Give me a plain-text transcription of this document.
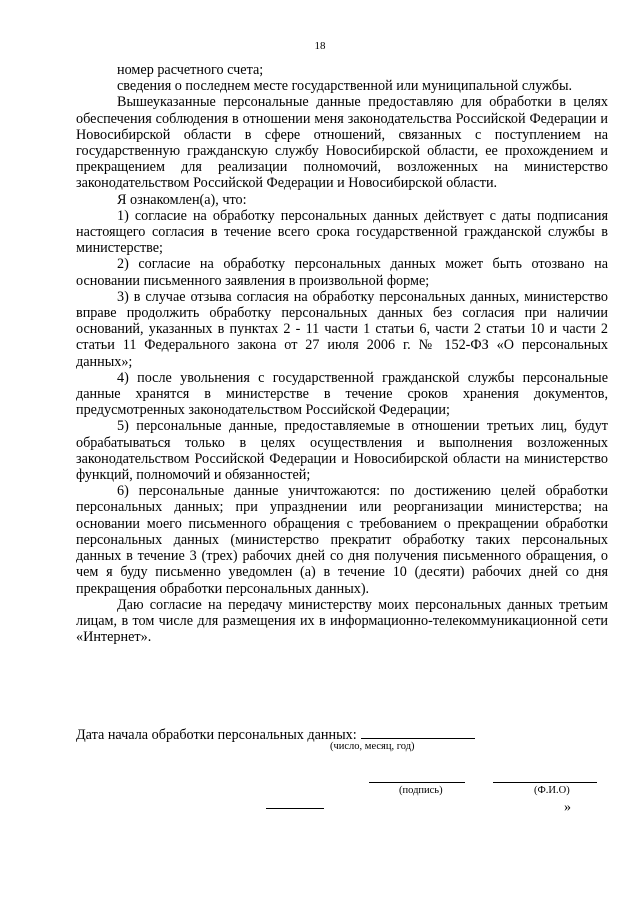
18

номер расчетного счета;

сведения о последнем месте государственной или муниципальной службы.

Вышеуказанные персональные данные предоставляю для обработки в целях обеспечения соблюдения в отношении меня законодательства Российской Федерации и Новосибирской области в сфере отношений, связанных с поступлением на государственную гражданскую службу Новосибирской области, ее прохождением и прекращением для реализации полномочий, возложенных на министерство законодательством Российской Федерации и Новосибирской области.

Я ознакомлен(а), что:

1) согласие на обработку персональных данных действует с даты подписания настоящего согласия в течение всего срока государственной гражданской службы в министерстве;

2) согласие на обработку персональных данных может быть отозвано на основании письменного заявления в произвольной форме;

3) в случае отзыва согласия на обработку персональных данных, министерство вправе продолжить обработку персональных данных без согласия при наличии оснований, указанных в пунктах 2 - 11 части 1 статьи 6, части 2 статьи 10 и части 2 статьи 11 Федерального закона от 27 июля 2006 г. № 152-ФЗ «О персональных данных»;

4) после увольнения с государственной гражданской службы персональные данные хранятся в министерстве в течение сроков хранения документов, предусмотренных законодательством Российской Федерации;

5) персональные данные, предоставляемые в отношении третьих лиц, будут обрабатываться только в целях осуществления и выполнения возложенных законодательством Российской Федерации и Новосибирской области на министерство функций, полномочий и обязанностей;

6) персональные данные уничтожаются: по достижению целей обработки персональных данных; при упразднении или реорганизации министерства; на основании моего письменного обращения с требованием о прекращении обработки персональных данных (министерство прекратит обработку таких персональных данных в течение 3 (трех) рабочих дней со дня получения письменного обращения, о чем я буду письменно уведомлен (а) в течение 10 (десяти) рабочих дней со дня прекращения обработки персональных данных).

Даю согласие на передачу министерству моих персональных данных третьим лицам, в том числе для размещения их в информационно-телекоммуникационной сети «Интернет».

Дата начала обработки персональных данных:
(число, месяц, год)
(подпись)	(Ф.И.О)
»
